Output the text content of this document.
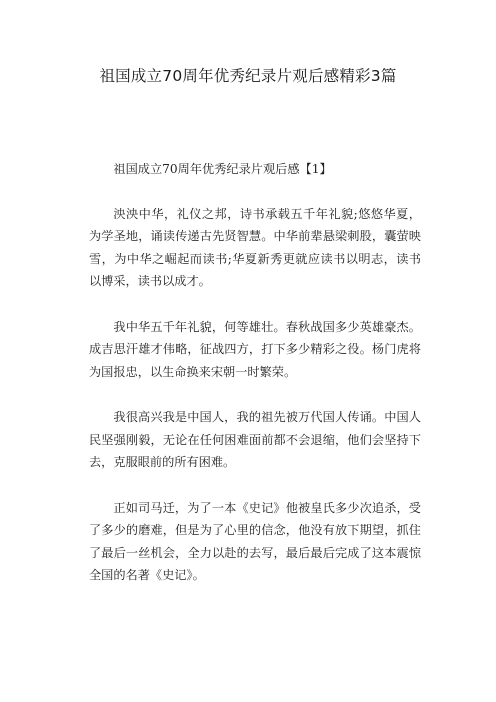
祖国成立70周年优秀纪录片观后感精彩3篇

祖国成立70周年优秀纪录片观后感【1】

泱泱中华，礼仪之邦，诗书承载五千年礼貌;悠悠华夏，为学圣地，诵读传递古先贤智慧。中华前辈悬梁刺股，囊萤映雪，为中华之崛起而读书;华夏新秀更就应读书以明志，读书以博采，读书以成才。

我中华五千年礼貌，何等雄壮。春秋战国多少英雄豪杰。成吉思汗雄才伟略，征战四方，打下多少精彩之役。杨门虎将为国报忠，以生命换来宋朝一时繁荣。

我很高兴我是中国人，我的祖先被万代国人传诵。中国人民坚强刚毅，无论在任何困难面前都不会退缩，他们会坚持下去，克服眼前的所有困难。

正如司马迁，为了一本《史记》他被皇氏多少次追杀，受了多少的磨难，但是为了心里的信念，他没有放下期望，抓住了最后一丝机会，全力以赴的去写，最后最后完成了这本震惊全国的名著《史记》。
